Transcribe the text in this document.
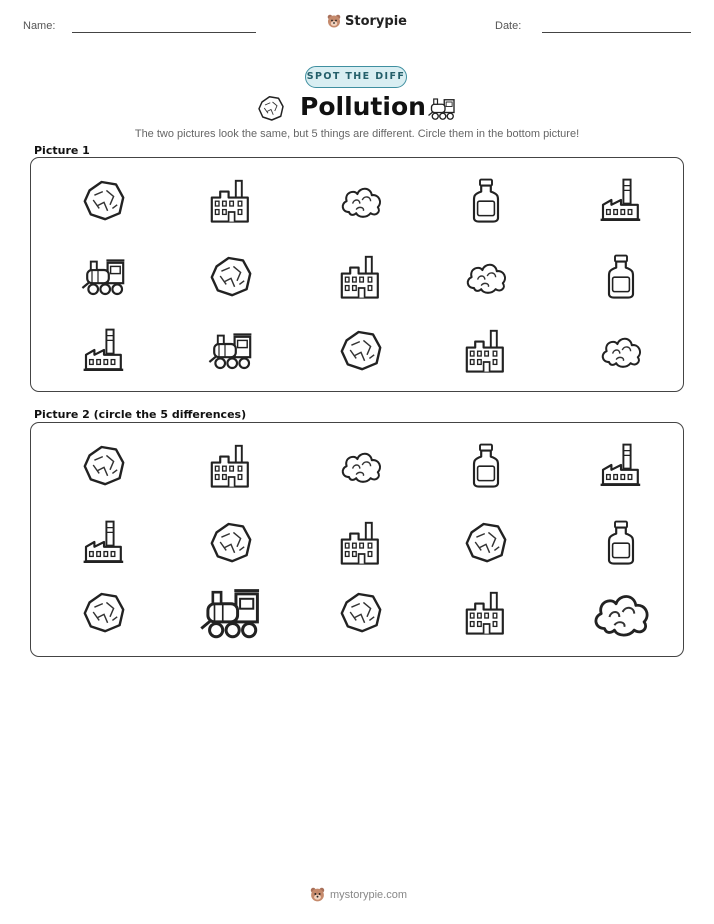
Name:	Storypie	Date:
SPOT THE DIFF
Pollution
The two pictures look the same, but 5 things are different. Circle them in the bottom picture!
Picture 1
Picture 2 (circle the 5 differences)
mystorypie.com
